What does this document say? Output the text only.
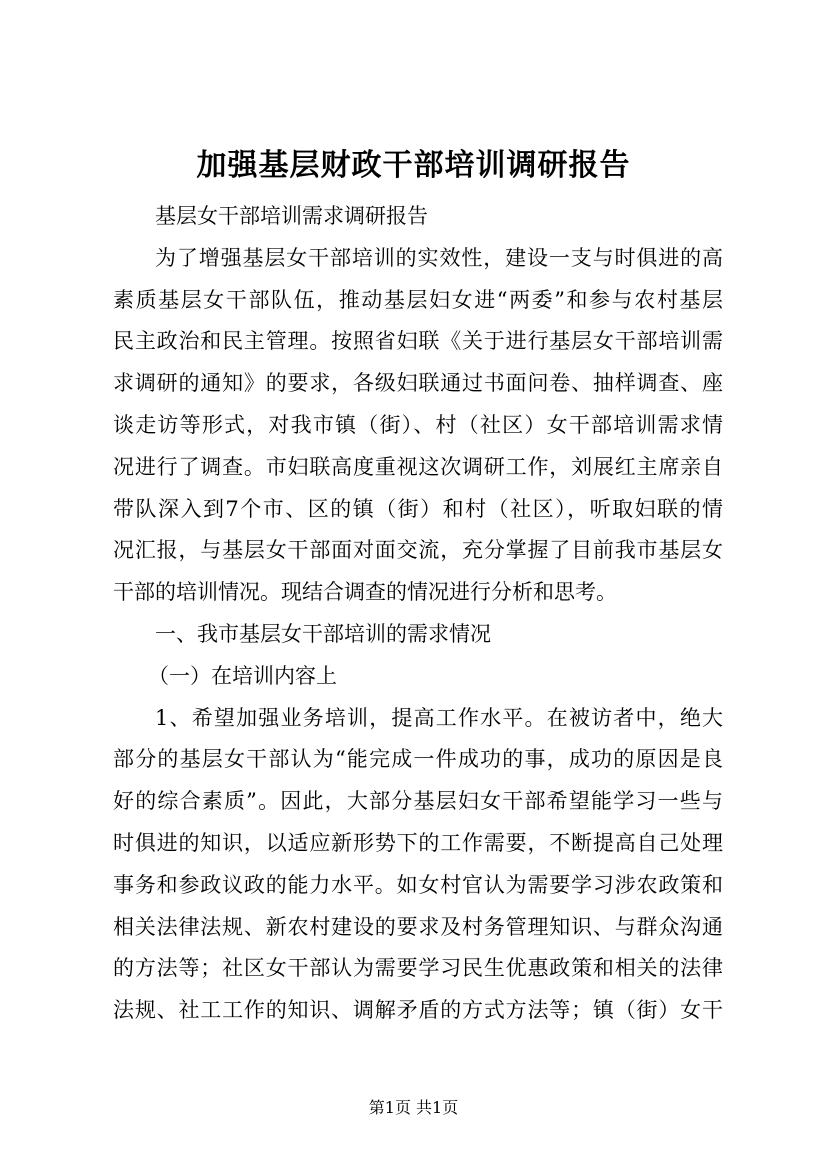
加强基层财政干部培训调研报告
基层女干部培训需求调研报告
为了增强基层女干部培训的实效性，建设一支与时俱进的高
素质基层女干部队伍，推动基层妇女进“两委”和参与农村基层
民主政治和民主管理。按照省妇联《关于进行基层女干部培训需
求调研的通知》的要求，各级妇联通过书面问卷、抽样调查、座
谈走访等形式，对我市镇（街）、村（社区）女干部培训需求情
况进行了调查。市妇联高度重视这次调研工作，刘展红主席亲自
带队深入到7个市、区的镇（街）和村（社区），听取妇联的情
况汇报，与基层女干部面对面交流，充分掌握了目前我市基层女
干部的培训情况。现结合调查的情况进行分析和思考。
一、我市基层女干部培训的需求情况
（一）在培训内容上
1、希望加强业务培训，提高工作水平。在被访者中，绝大
部分的基层女干部认为“能完成一件成功的事，成功的原因是良
好的综合素质”。因此，大部分基层妇女干部希望能学习一些与
时俱进的知识，以适应新形势下的工作需要，不断提高自己处理
事务和参政议政的能力水平。如女村官认为需要学习涉农政策和
相关法律法规、新农村建设的要求及村务管理知识、与群众沟通
的方法等；社区女干部认为需要学习民生优惠政策和相关的法律
法规、社工工作的知识、调解矛盾的方式方法等；镇（街）女干
第1页 共1页
